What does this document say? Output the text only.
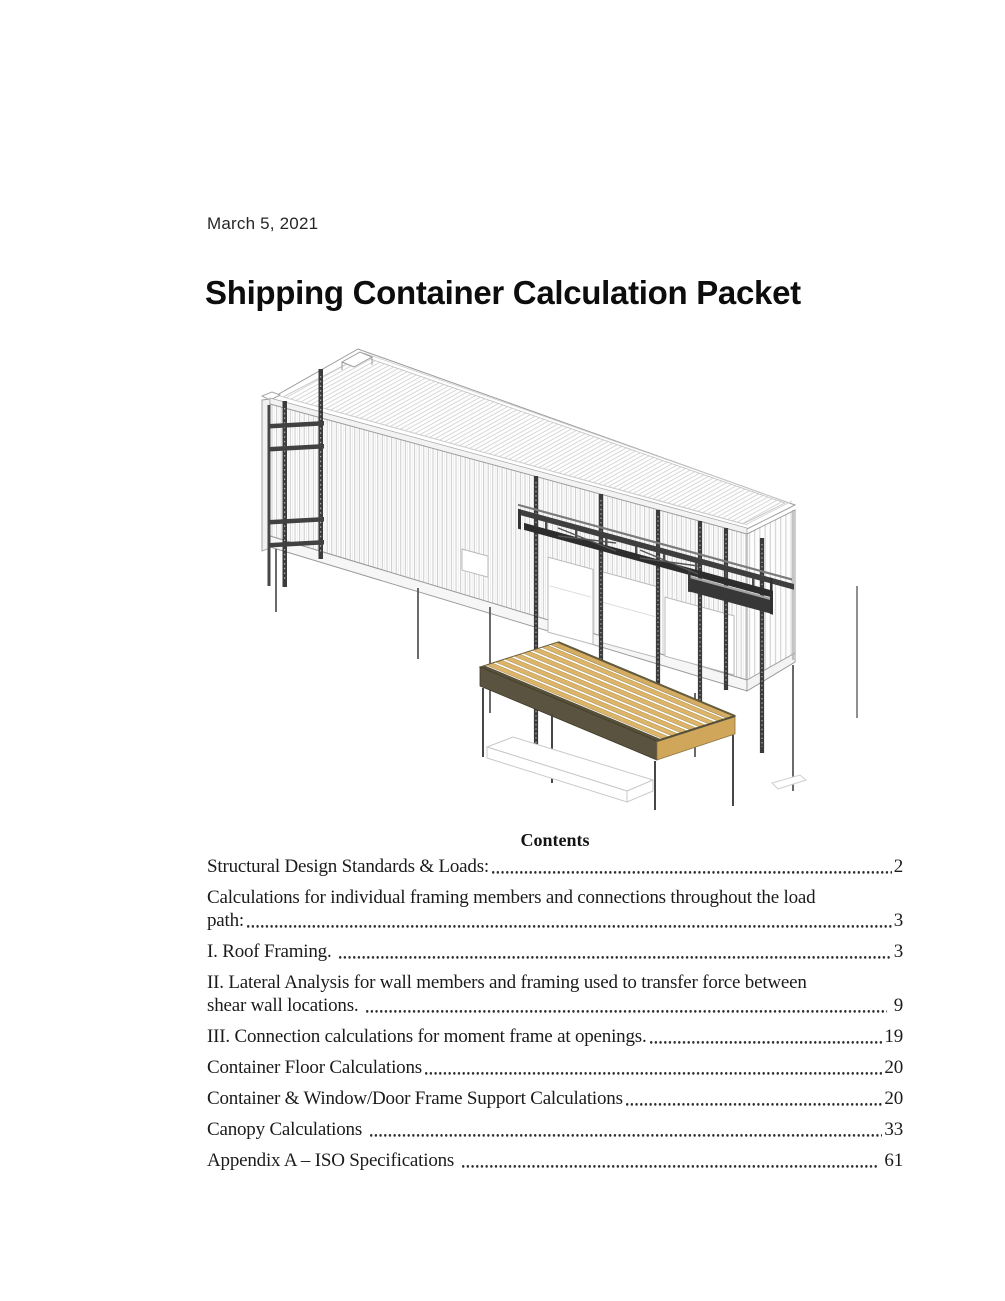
March 5, 2021
Shipping Container Calculation Packet
Contents
Structural Design Standards & Loads:	2
Calculations for individual framing members and connections throughout the load
path:	3
I. Roof Framing.	3
II. Lateral Analysis for wall members and framing used to transfer force between
shear wall locations.	9
III. Connection calculations for moment frame at openings.	19
Container Floor Calculations	20
Container & Window/Door Frame Support Calculations	20
Canopy Calculations	33
Appendix A – ISO Specifications	61
